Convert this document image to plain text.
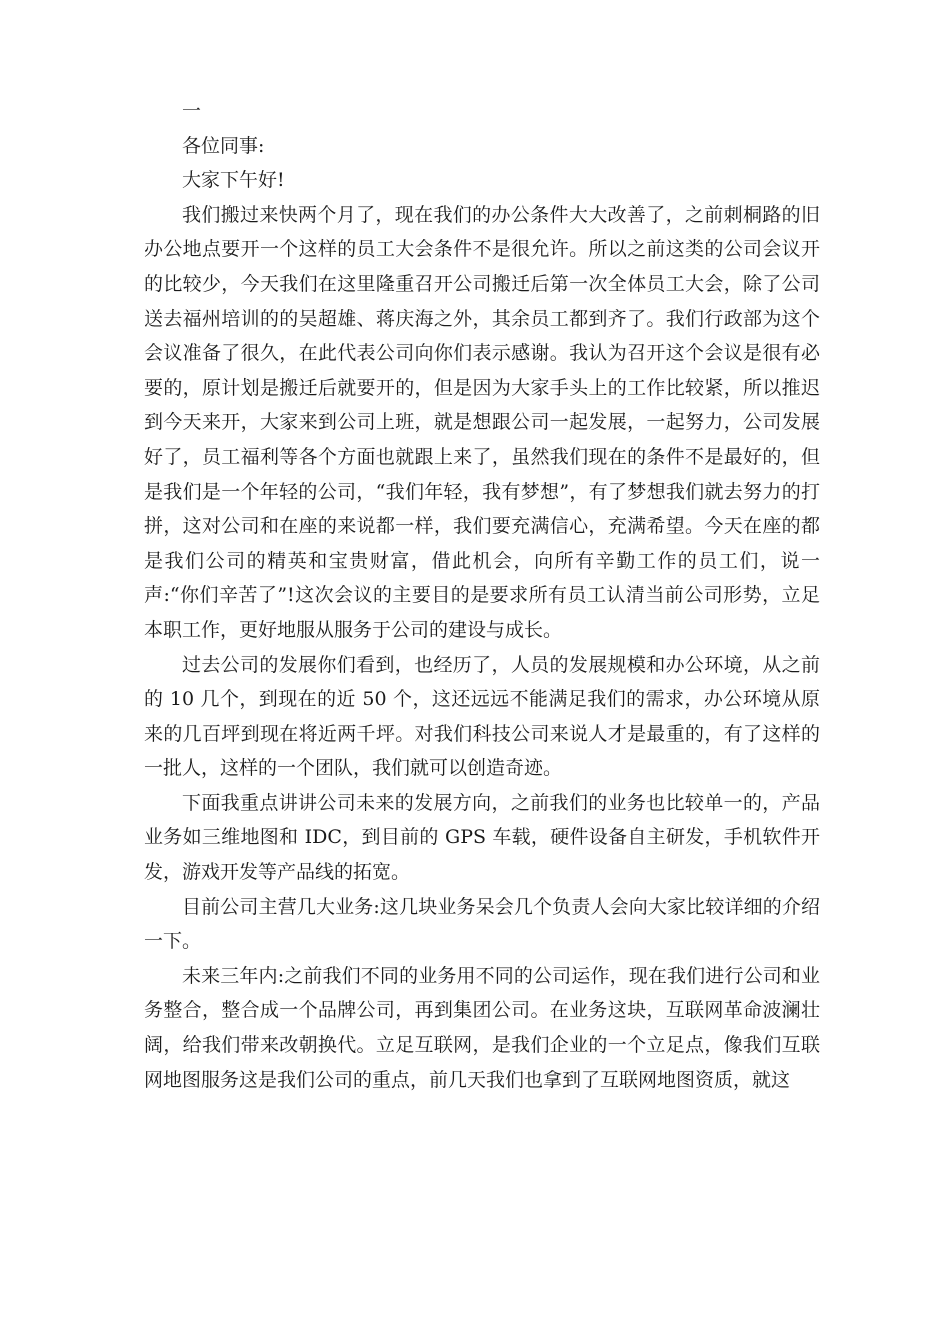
一

各位同事:

大家下午好!

我们搬过来快两个月了，现在我们的办公条件大大改善了，之前刺桐路的旧办公地点要开一个这样的员工大会条件不是很允许。所以之前这类的公司会议开的比较少，今天我们在这里隆重召开公司搬迁后第一次全体员工大会，除了公司送去福州培训的的吴超雄、蒋庆海之外，其余员工都到齐了。我们行政部为这个会议准备了很久，在此代表公司向你们表示感谢。我认为召开这个会议是很有必要的，原计划是搬迁后就要开的，但是因为大家手头上的工作比较紧，所以推迟到今天来开，大家来到公司上班，就是想跟公司一起发展，一起努力，公司发展好了，员工福利等各个方面也就跟上来了，虽然我们现在的条件不是最好的，但是我们是一个年轻的公司，“我们年轻，我有梦想”，有了梦想我们就去努力的打拼，这对公司和在座的来说都一样，我们要充满信心，充满希望。今天在座的都是我们公司的精英和宝贵财富，借此机会，向所有辛勤工作的员工们，说一声:“你们辛苦了”!这次会议的主要目的是要求所有员工认清当前公司形势，立足本职工作，更好地服从服务于公司的建设与成长。

过去公司的发展你们看到，也经历了，人员的发展规模和办公环境，从之前的 10 几个，到现在的近 50 个，这还远远不能满足我们的需求，办公环境从原来的几百坪到现在将近两千坪。对我们科技公司来说人才是最重的，有了这样的一批人，这样的一个团队，我们就可以创造奇迹。

下面我重点讲讲公司未来的发展方向，之前我们的业务也比较单一的，产品业务如三维地图和 IDC，到目前的 GPS 车载，硬件设备自主研发，手机软件开发，游戏开发等产品线的拓宽。

目前公司主营几大业务:这几块业务呆会几个负责人会向大家比较详细的介绍一下。

未来三年内:之前我们不同的业务用不同的公司运作，现在我们进行公司和业务整合，整合成一个品牌公司，再到集团公司。在业务这块，互联网革命波澜壮阔，给我们带来改朝换代。立足互联网，是我们企业的一个立足点，像我们互联网地图服务这是我们公司的重点，前几天我们也拿到了互联网地图资质，就这
